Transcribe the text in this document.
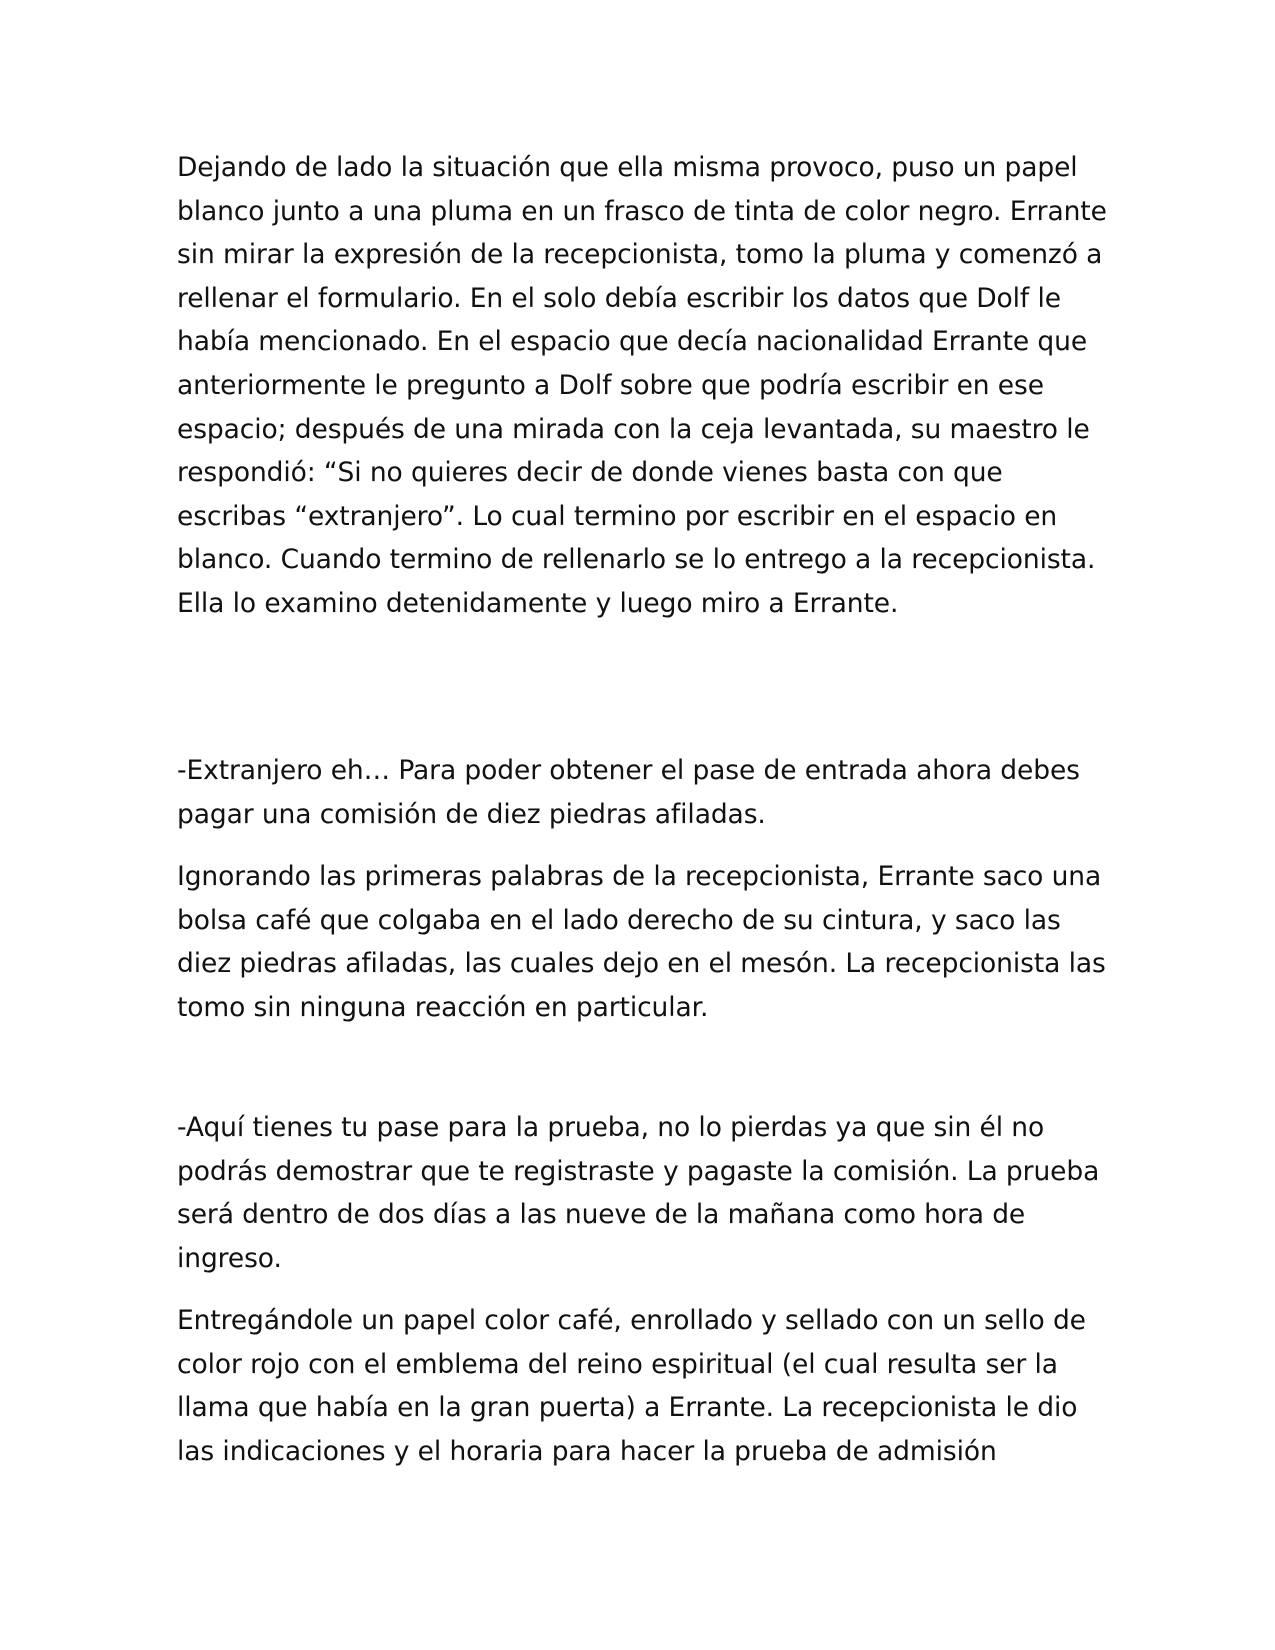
Dejando de lado la situación que ella misma provoco, puso un papel blanco junto a una pluma en un frasco de tinta de color negro. Errante sin mirar la expresión de la recepcionista, tomo la pluma y comenzó a rellenar el formulario. En el solo debía escribir los datos que Dolf le había mencionado. En el espacio que decía nacionalidad Errante que anteriormente le pregunto a Dolf sobre que podría escribir en ese espacio; después de una mirada con la ceja levantada, su maestro le respondió: “Si no quieres decir de donde vienes basta con que escribas “extranjero”. Lo cual termino por escribir en el espacio en blanco. Cuando termino de rellenarlo se lo entrego a la recepcionista. Ella lo examino detenidamente y luego miro a Errante.

-Extranjero eh… Para poder obtener el pase de entrada ahora debes pagar una comisión de diez piedras afiladas.

Ignorando las primeras palabras de la recepcionista, Errante saco una bolsa café que colgaba en el lado derecho de su cintura, y saco las diez piedras afiladas, las cuales dejo en el mesón. La recepcionista las tomo sin ninguna reacción en particular.

-Aquí tienes tu pase para la prueba, no lo pierdas ya que sin él no podrás demostrar que te registraste y pagaste la comisión. La prueba será dentro de dos días a las nueve de la mañana como hora de ingreso.

Entregándole un papel color café, enrollado y sellado con un sello de color rojo con el emblema del reino espiritual (el cual resulta ser la llama que había en la gran puerta) a Errante. La recepcionista le dio las indicaciones y el horaria para hacer la prueba de admisión
